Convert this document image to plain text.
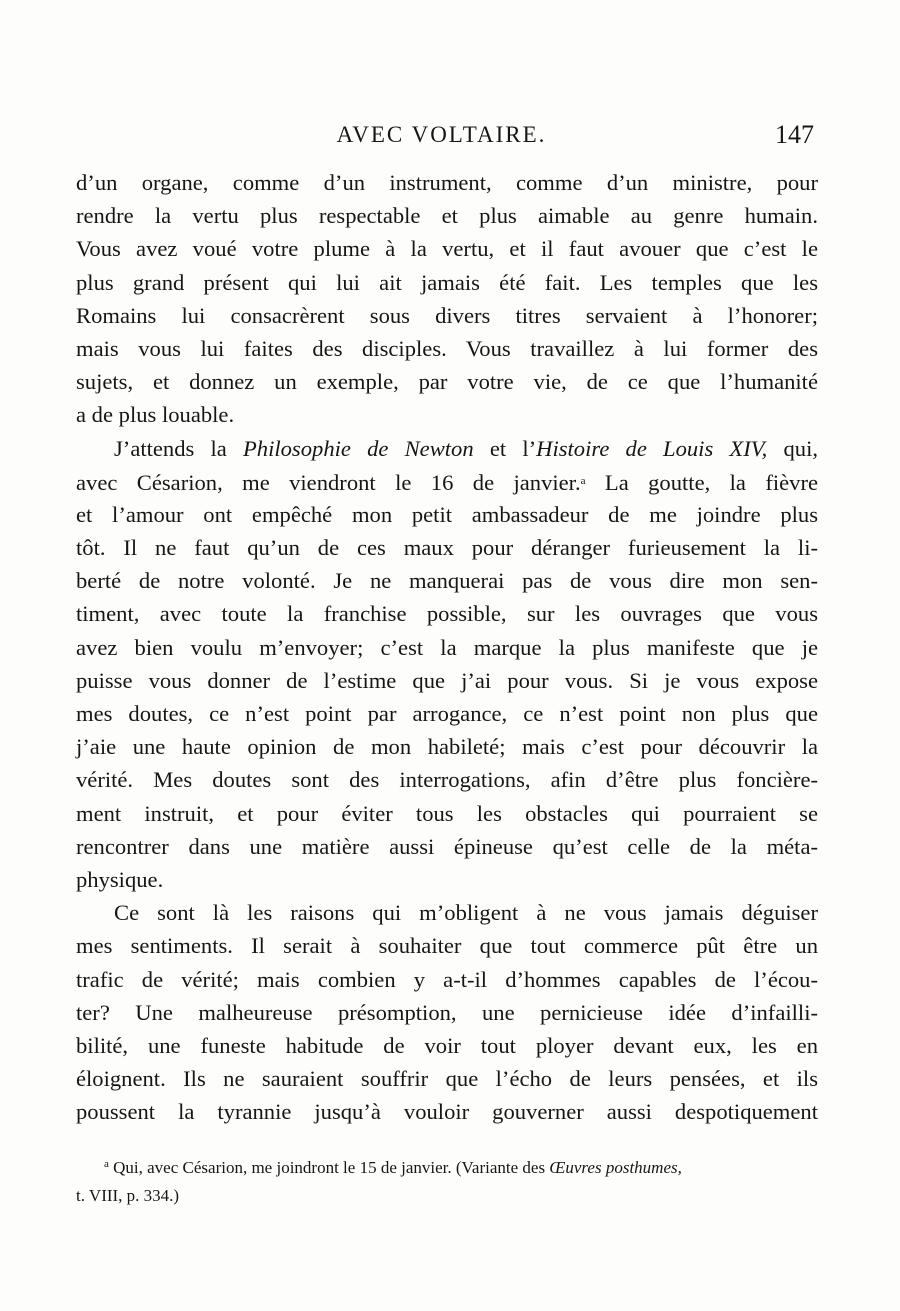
AVEC VOLTAIRE.	147
d’un organe, comme d’un instrument, comme d’un ministre, pour
rendre la vertu plus respectable et plus aimable au genre humain.
Vous avez voué votre plume à la vertu, et il faut avouer que c’est le
plus grand présent qui lui ait jamais été fait. Les temples que les
Romains lui consacrèrent sous divers titres servaient à l’honorer;
mais vous lui faites des disciples. Vous travaillez à lui former des
sujets, et donnez un exemple, par votre vie, de ce que l’humanité
a de plus louable.
J’attends la Philosophie de Newton et l’Histoire de Louis XIV, qui,
avec Césarion, me viendront le 16 de janvier.$^a$ La goutte, la fièvre
et l’amour ont empêché mon petit ambassadeur de me joindre plus
tôt. Il ne faut qu’un de ces maux pour déranger furieusement la li-
berté de notre volonté. Je ne manquerai pas de vous dire mon sen-
timent, avec toute la franchise possible, sur les ouvrages que vous
avez bien voulu m’envoyer; c’est la marque la plus manifeste que je
puisse vous donner de l’estime que j’ai pour vous. Si je vous expose
mes doutes, ce n’est point par arrogance, ce n’est point non plus que
j’aie une haute opinion de mon habileté; mais c’est pour découvrir la
vérité. Mes doutes sont des interrogations, afin d’être plus foncière-
ment instruit, et pour éviter tous les obstacles qui pourraient se
rencontrer dans une matière aussi épineuse qu’est celle de la méta-
physique.
Ce sont là les raisons qui m’obligent à ne vous jamais déguiser
mes sentiments. Il serait à souhaiter que tout commerce pût être un
trafic de vérité; mais combien y a-t-il d’hommes capables de l’écou-
ter? Une malheureuse présomption, une pernicieuse idée d’infailli-
bilité, une funeste habitude de voir tout ployer devant eux, les en
éloignent. Ils ne sauraient souffrir que l’écho de leurs pensées, et ils
poussent la tyrannie jusqu’à vouloir gouverner aussi despotiquement
$^a$ Qui, avec Césarion, me joindront le 15 de janvier. (Variante des Œuvres posthumes,
t. VIII, p. 334.)
